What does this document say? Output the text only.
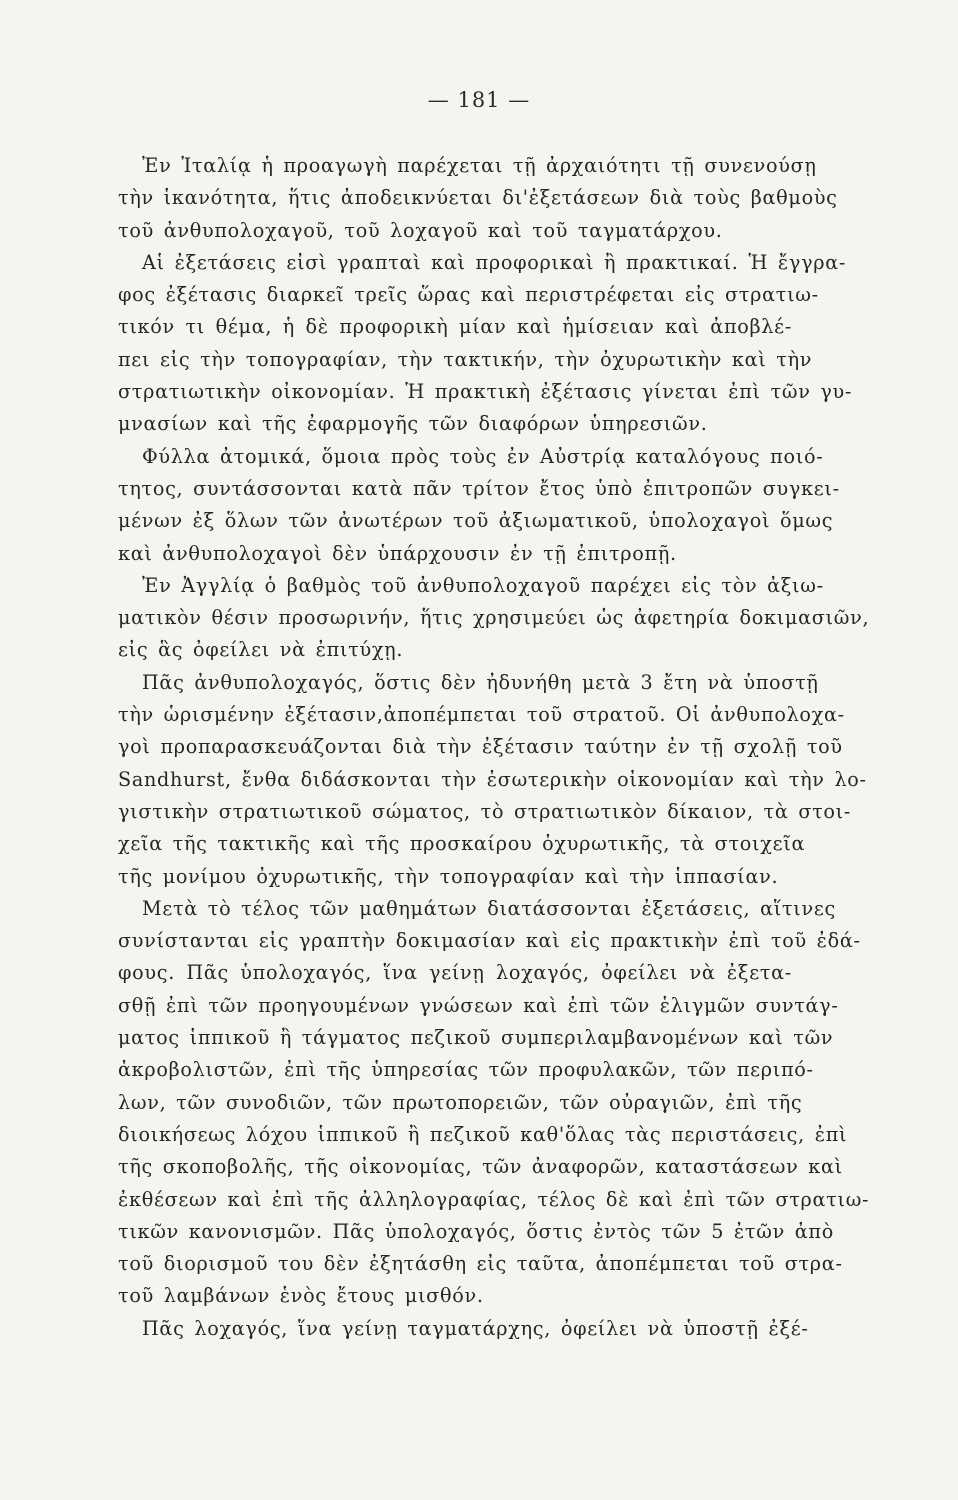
— 181 —
Ἐν Ἰταλίᾳ ἡ προαγωγὴ παρέχεται τῇ ἀρχαιότητι τῇ συνενούσῃ
τὴν ἱκανότητα, ἥτις ἀποδεικνύεται δι'ἐξετάσεων διὰ τοὺς βαθμοὺς
τοῦ ἀνθυπολοχαγοῦ, τοῦ λοχαγοῦ καὶ τοῦ ταγματάρχου.
Αἱ ἐξετάσεις εἰσὶ γραπταὶ καὶ προφορικαὶ ἢ πρακτικαί. Ἡ ἔγγρα-
φος ἐξέτασις διαρκεῖ τρεῖς ὥρας καὶ περιστρέφεται εἰς στρατιω-
τικόν τι θέμα, ἡ δὲ προφορικὴ μίαν καὶ ἡμίσειαν καὶ ἀποβλέ-
πει εἰς τὴν τοπογραφίαν, τὴν τακτικήν, τὴν ὀχυρωτικὴν καὶ τὴν
στρατιωτικὴν οἰκονομίαν. Ἡ πρακτικὴ ἐξέτασις γίνεται ἐπὶ τῶν γυ-
μνασίων καὶ τῆς ἐφαρμογῆς τῶν διαφόρων ὑπηρεσιῶν.
Φύλλα ἀτομικά, ὅμοια πρὸς τοὺς ἐν Αὐστρίᾳ καταλόγους ποιό-
τητος, συντάσσονται κατὰ πᾶν τρίτον ἔτος ὑπὸ ἐπιτροπῶν συγκει-
μένων ἐξ ὅλων τῶν ἀνωτέρων τοῦ ἀξιωματικοῦ, ὑπολοχαγοὶ ὅμως
καὶ ἀνθυπολοχαγοὶ δὲν ὑπάρχουσιν ἐν τῇ ἐπιτροπῇ.
Ἐν Ἀγγλίᾳ ὁ βαθμὸς τοῦ ἀνθυπολοχαγοῦ παρέχει εἰς τὸν ἀξιω-
ματικὸν θέσιν προσωρινήν, ἥτις χρησιμεύει ὡς ἀφετηρία δοκιμασιῶν,
εἰς ἃς ὀφείλει νὰ ἐπιτύχῃ.
Πᾶς ἀνθυπολοχαγός, ὅστις δὲν ἠδυνήθη μετὰ 3 ἔτη νὰ ὑποστῇ
τὴν ὡρισμένην ἐξέτασιν,ἀποπέμπεται τοῦ στρατοῦ. Οἱ ἀνθυπολοχα-
γοὶ προπαρασκευάζονται διὰ τὴν ἐξέτασιν ταύτην ἐν τῇ σχολῇ τοῦ
Sandhurst, ἔνθα διδάσκονται τὴν ἐσωτερικὴν οἰκονομίαν καὶ τὴν λο-
γιστικὴν στρατιωτικοῦ σώματος, τὸ στρατιωτικὸν δίκαιον, τὰ στοι-
χεῖα τῆς τακτικῆς καὶ τῆς προσκαίρου ὀχυρωτικῆς, τὰ στοιχεῖα
τῆς μονίμου ὀχυρωτικῆς, τὴν τοπογραφίαν καὶ τὴν ἱππασίαν.
Μετὰ τὸ τέλος τῶν μαθημάτων διατάσσονται ἐξετάσεις, αἵτινες
συνίστανται εἰς γραπτὴν δοκιμασίαν καὶ εἰς πρακτικὴν ἐπὶ τοῦ ἐδά-
φους. Πᾶς ὑπολοχαγός, ἵνα γείνῃ λοχαγός, ὀφείλει νὰ ἐξετα-
σθῇ ἐπὶ τῶν προηγουμένων γνώσεων καὶ ἐπὶ τῶν ἑλιγμῶν συντάγ-
ματος ἱππικοῦ ἢ τάγματος πεζικοῦ συμπεριλαμβανομένων καὶ τῶν
ἀκροβολιστῶν, ἐπὶ τῆς ὑπηρεσίας τῶν προφυλακῶν, τῶν περιπό-
λων, τῶν συνοδιῶν, τῶν πρωτοπορειῶν, τῶν οὐραγιῶν, ἐπὶ τῆς
διοικήσεως λόχου ἱππικοῦ ἢ πεζικοῦ καθ'ὅλας τὰς περιστάσεις, ἐπὶ
τῆς σκοποβολῆς, τῆς οἰκονομίας, τῶν ἀναφορῶν, καταστάσεων καὶ
ἐκθέσεων καὶ ἐπὶ τῆς ἀλληλογραφίας, τέλος δὲ καὶ ἐπὶ τῶν στρατιω-
τικῶν κανονισμῶν. Πᾶς ὑπολοχαγός, ὅστις ἐντὸς τῶν 5 ἐτῶν ἀπὸ
τοῦ διορισμοῦ του δὲν ἐξητάσθη εἰς ταῦτα, ἀποπέμπεται τοῦ στρα-
τοῦ λαμβάνων ἑνὸς ἔτους μισθόν.
Πᾶς λοχαγός, ἵνα γείνῃ ταγματάρχης, ὀφείλει νὰ ὑποστῇ ἐξέ-
